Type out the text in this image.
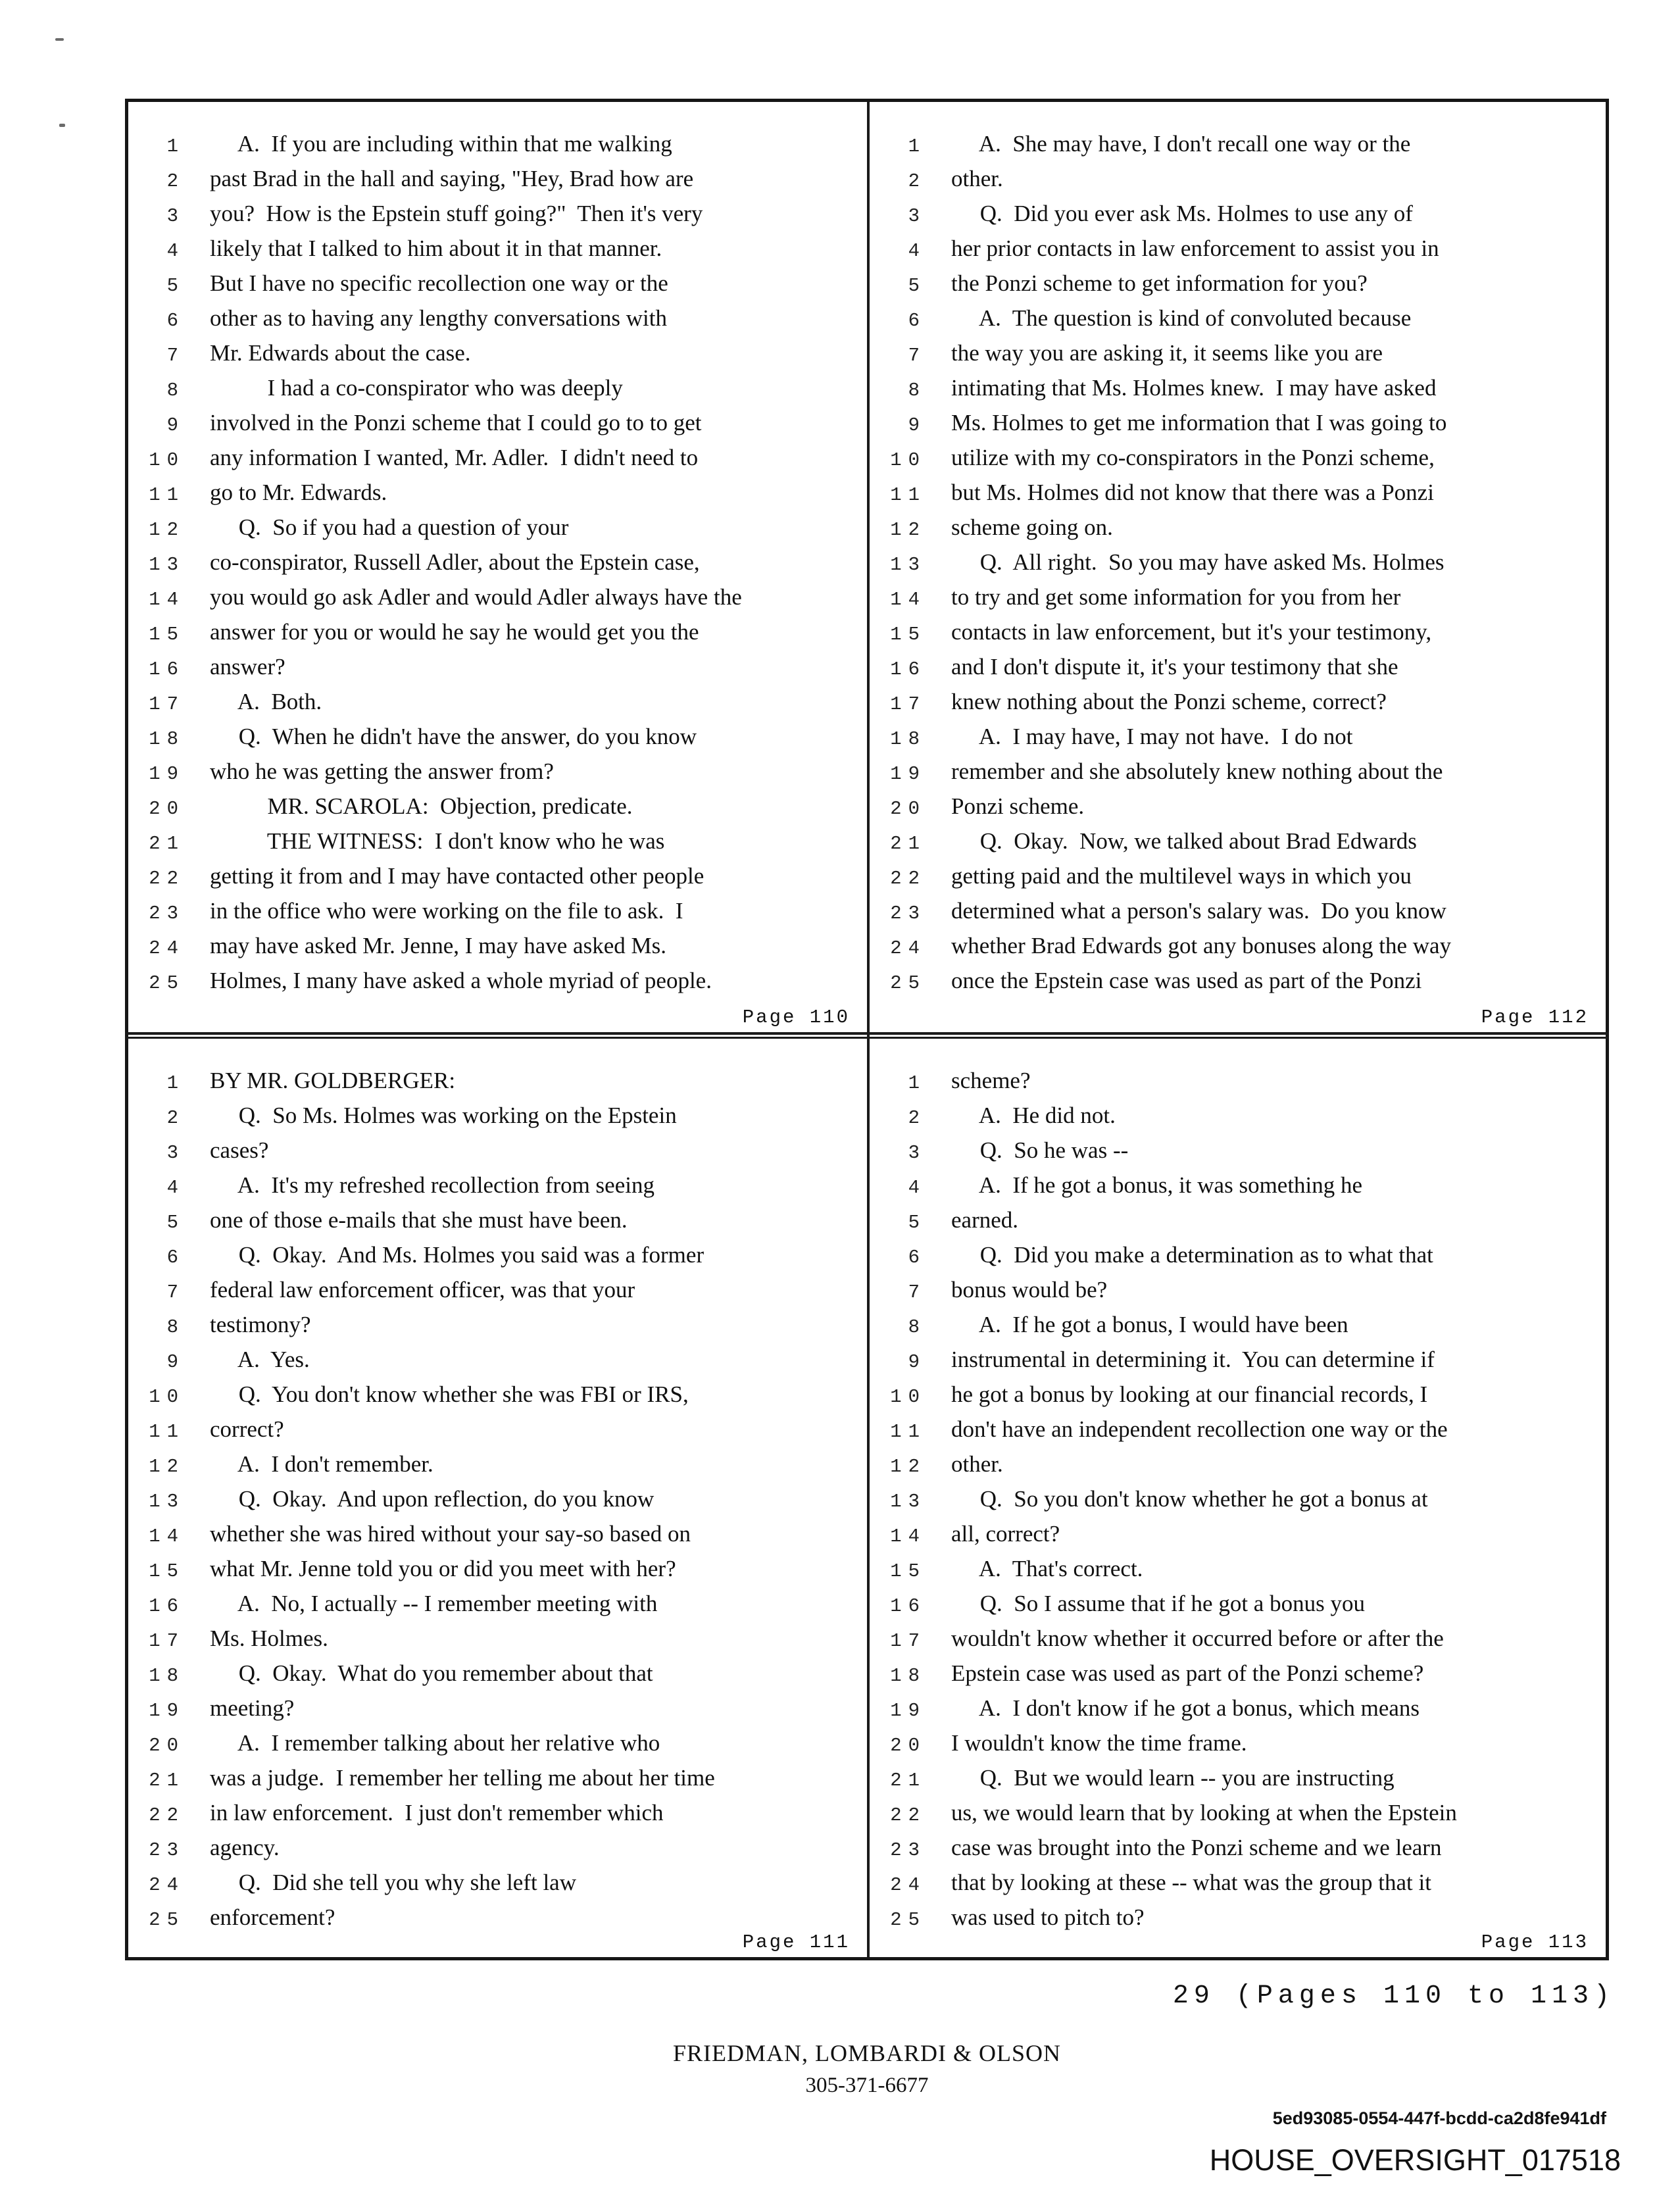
1	A.  If you are including within that me walking
2	past Brad in the hall and saying, "Hey, Brad how are
3	you?  How is the Epstein stuff going?"  Then it's very
4	likely that I talked to him about it in that manner.
5	But I have no specific recollection one way or the
6	other as to having any lengthy conversations with
7	Mr. Edwards about the case.
8	I had a co-conspirator who was deeply
9	involved in the Ponzi scheme that I could go to to get
10	any information I wanted, Mr. Adler.  I didn't need to
11	go to Mr. Edwards.
12	Q.  So if you had a question of your
13	co-conspirator, Russell Adler, about the Epstein case,
14	you would go ask Adler and would Adler always have the
15	answer for you or would he say he would get you the
16	answer?
17	A.  Both.
18	Q.  When he didn't have the answer, do you know
19	who he was getting the answer from?
20	MR. SCAROLA:  Objection, predicate.
21	THE WITNESS:  I don't know who he was
22	getting it from and I may have contacted other people
23	in the office who were working on the file to ask.  I
24	may have asked Mr. Jenne, I may have asked Ms.
25	Holmes, I many have asked a whole myriad of people.
Page 110
1	A.  She may have, I don't recall one way or the
2	other.
3	Q.  Did you ever ask Ms. Holmes to use any of
4	her prior contacts in law enforcement to assist you in
5	the Ponzi scheme to get information for you?
6	A.  The question is kind of convoluted because
7	the way you are asking it, it seems like you are
8	intimating that Ms. Holmes knew.  I may have asked
9	Ms. Holmes to get me information that I was going to
10	utilize with my co-conspirators in the Ponzi scheme,
11	but Ms. Holmes did not know that there was a Ponzi
12	scheme going on.
13	Q.  All right.  So you may have asked Ms. Holmes
14	to try and get some information for you from her
15	contacts in law enforcement, but it's your testimony,
16	and I don't dispute it, it's your testimony that she
17	knew nothing about the Ponzi scheme, correct?
18	A.  I may have, I may not have.  I do not
19	remember and she absolutely knew nothing about the
20	Ponzi scheme.
21	Q.  Okay.  Now, we talked about Brad Edwards
22	getting paid and the multilevel ways in which you
23	determined what a person's salary was.  Do you know
24	whether Brad Edwards got any bonuses along the way
25	once the Epstein case was used as part of the Ponzi
Page 112
1	BY MR. GOLDBERGER:
2	Q.  So Ms. Holmes was working on the Epstein
3	cases?
4	A.  It's my refreshed recollection from seeing
5	one of those e-mails that she must have been.
6	Q.  Okay.  And Ms. Holmes you said was a former
7	federal law enforcement officer, was that your
8	testimony?
9	A.  Yes.
10	Q.  You don't know whether she was FBI or IRS,
11	correct?
12	A.  I don't remember.
13	Q.  Okay.  And upon reflection, do you know
14	whether she was hired without your say-so based on
15	what Mr. Jenne told you or did you meet with her?
16	A.  No, I actually -- I remember meeting with
17	Ms. Holmes.
18	Q.  Okay.  What do you remember about that
19	meeting?
20	A.  I remember talking about her relative who
21	was a judge.  I remember her telling me about her time
22	in law enforcement.  I just don't remember which
23	agency.
24	Q.  Did she tell you why she left law
25	enforcement?
Page 111
1	scheme?
2	A.  He did not.
3	Q.  So he was --
4	A.  If he got a bonus, it was something he
5	earned.
6	Q.  Did you make a determination as to what that
7	bonus would be?
8	A.  If he got a bonus, I would have been
9	instrumental in determining it.  You can determine if
10	he got a bonus by looking at our financial records, I
11	don't have an independent recollection one way or the
12	other.
13	Q.  So you don't know whether he got a bonus at
14	all, correct?
15	A.  That's correct.
16	Q.  So I assume that if he got a bonus you
17	wouldn't know whether it occurred before or after the
18	Epstein case was used as part of the Ponzi scheme?
19	A.  I don't know if he got a bonus, which means
20	I wouldn't know the time frame.
21	Q.  But we would learn -- you are instructing
22	us, we would learn that by looking at when the Epstein
23	case was brought into the Ponzi scheme and we learn
24	that by looking at these -- what was the group that it
25	was used to pitch to?
Page 113
29 (Pages 110 to 113)
FRIEDMAN, LOMBARDI & OLSON
305-371-6677
5ed93085-0554-447f-bcdd-ca2d8fe941df
HOUSE_OVERSIGHT_017518
